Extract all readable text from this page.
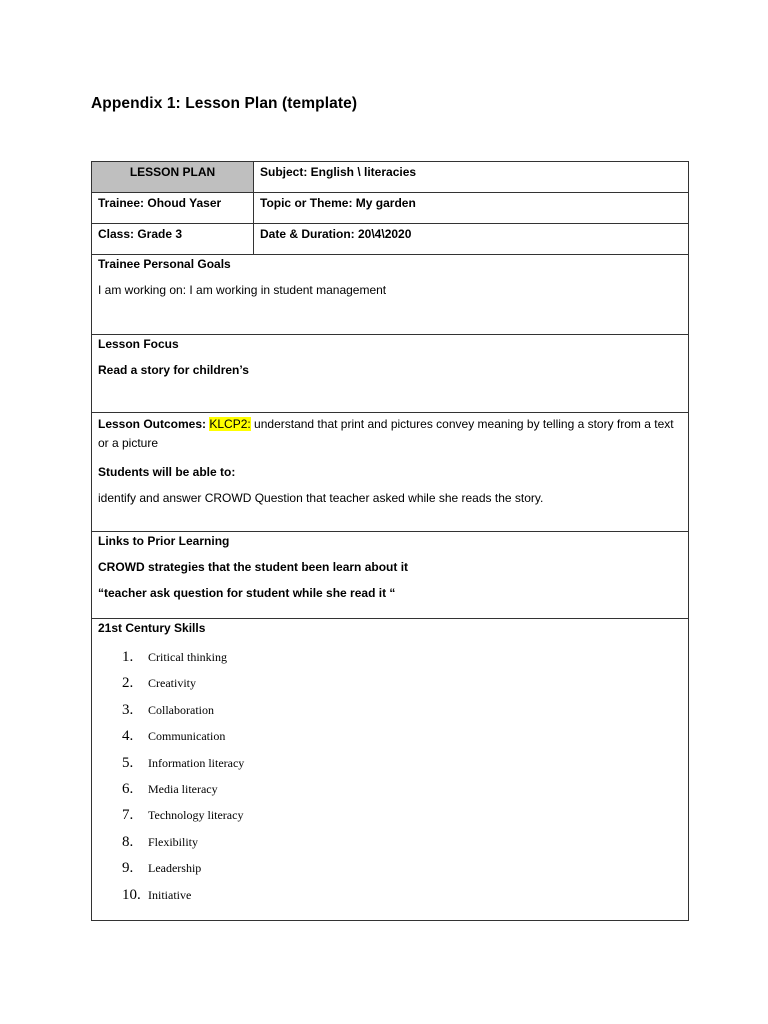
Appendix 1: Lesson Plan (template)
LESSON PLAN	Subject: English \ literacies
Trainee: Ohoud Yaser	Topic or Theme: My garden
Class: Grade 3	Date & Duration: 20\4\2020
Trainee Personal Goals
I am working on: I am working in student management
Lesson Focus
Read a story for children’s
Lesson Outcomes: KLCP2: understand that print and pictures convey meaning by telling a story from a text or a picture
Students will be able to:
identify and answer CROWD Question that teacher asked while she reads the story.
Links to Prior Learning
CROWD strategies that the student been learn about it
“teacher ask question for student while she read it “
21st Century Skills
1.	Critical thinking
2.	Creativity
3.	Collaboration
4.	Communication
5.	Information literacy
6.	Media literacy
7.	Technology literacy
8.	Flexibility
9.	Leadership
10. Initiative
